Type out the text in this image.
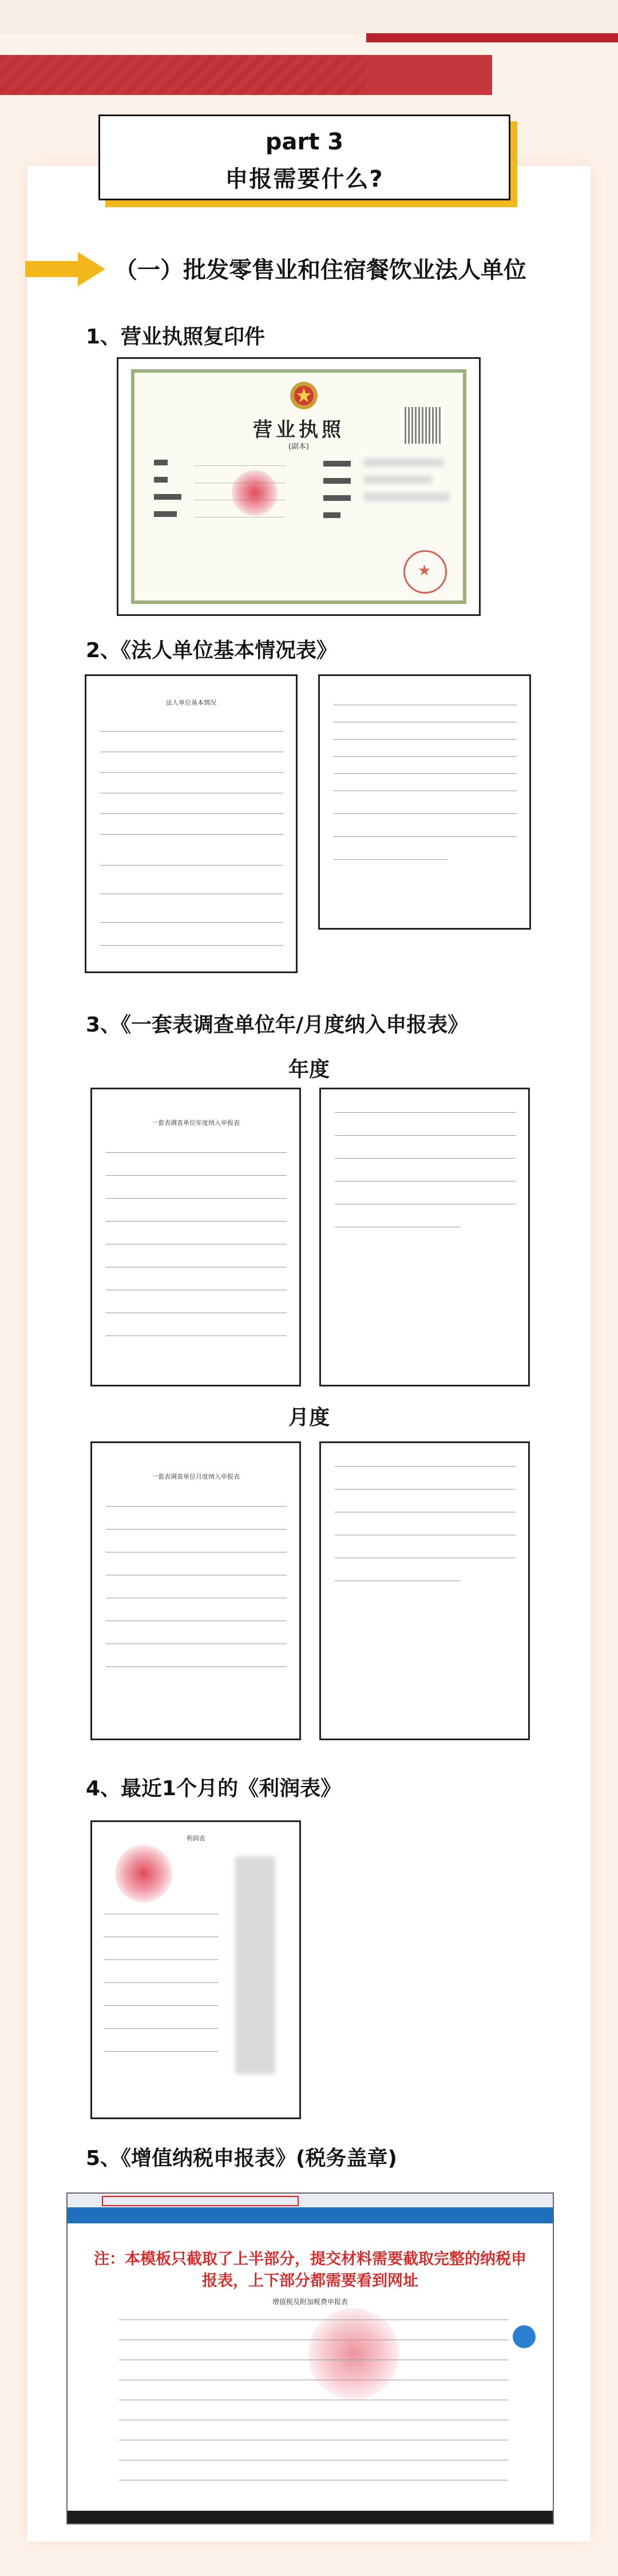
part 3
申报需要什么?
（一）批发零售业和住宿餐饮业法人单位
1、营业执照复印件
营业执照
(副本)
★
2、《法人单位基本情况表》
法人单位基本情况
3、《一套表调查单位年/月度纳入申报表》
年度
一套表调查单位年度纳入申报表
月度
一套表调查单位月度纳入申报表
4、最近1个月的《利润表》
利润表
5、《增值纳税申报表》(税务盖章)
注：本模板只截取了上半部分，提交材料需要截取完整的纳税申报表，上下部分都需要看到网址
增值税及附加税费申报表
